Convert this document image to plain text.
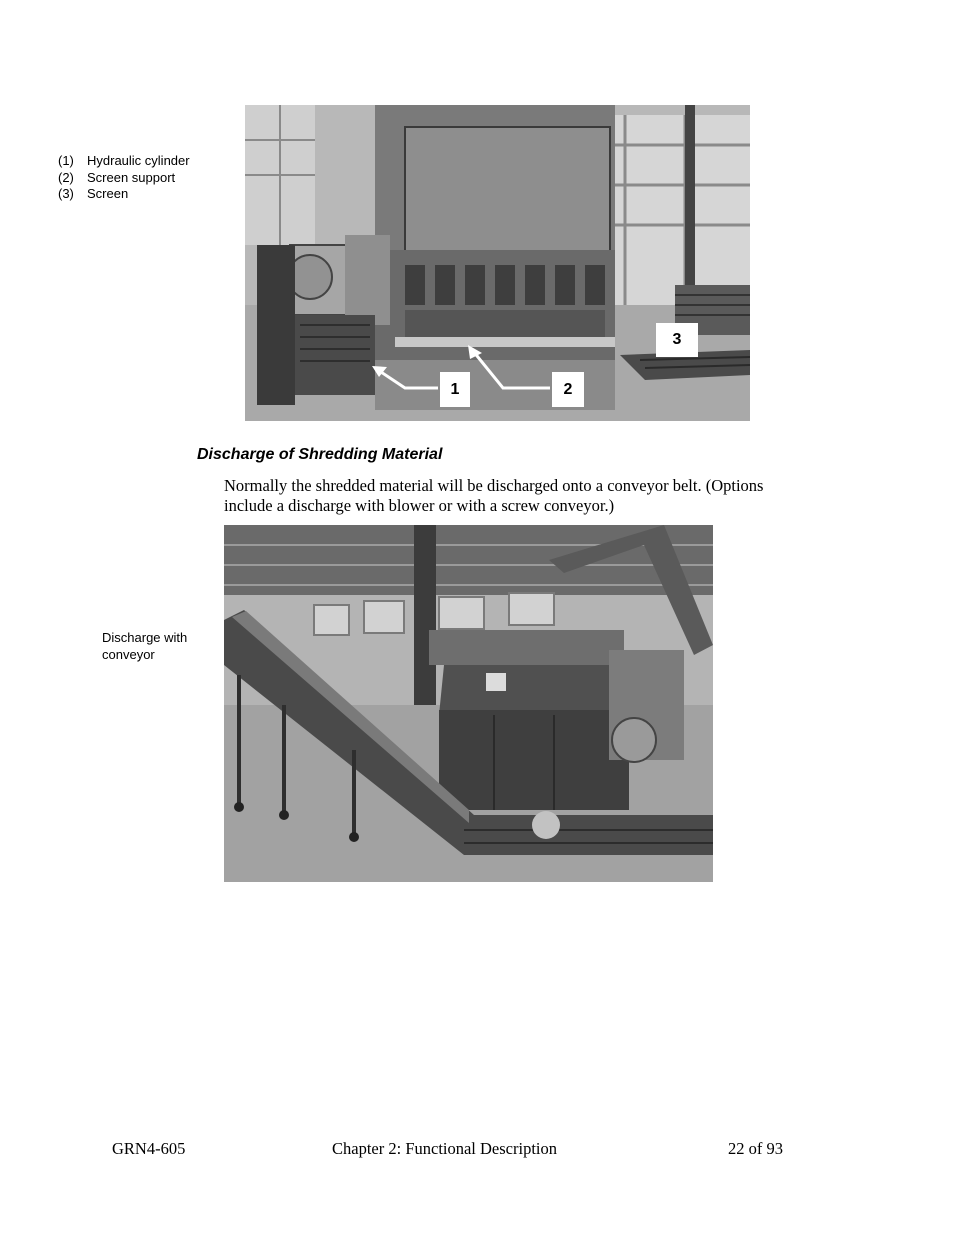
(1)	Hydraulic cylinder
(2)	Screen support
(3)	Screen
1	2
3
Discharge of Shredding Material

Normally the shredded material will be discharged onto a conveyor belt. (Options include a discharge with blower or with a screw conveyor.)

Discharge with conveyor
GRN4-605	Chapter 2: Functional Description	22 of 93
